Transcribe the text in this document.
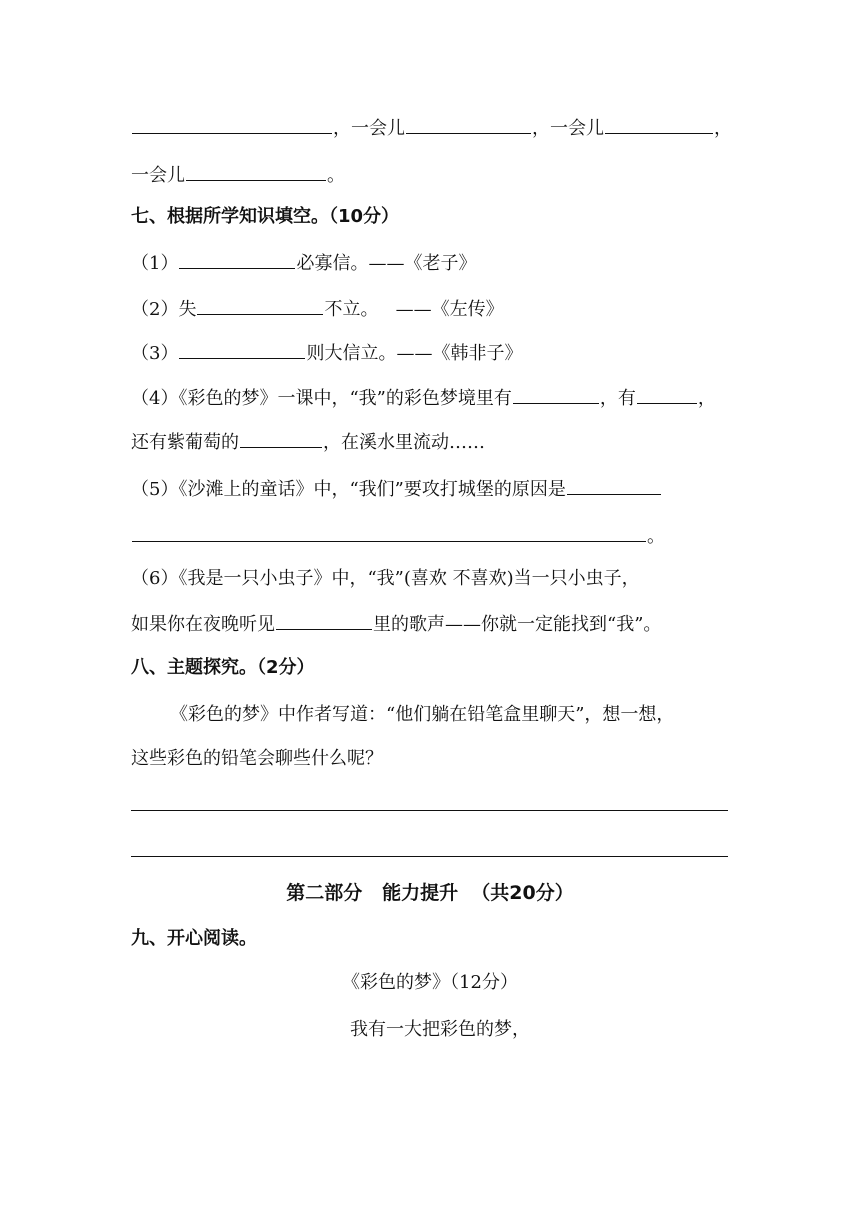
，一会儿	，一会儿	，
一会儿	。
七、根据所学知识填空。（10分）
（1）	必寡信。——《老子》
（2）失	不立。   ——《左传》
（3）	则大信立。——《韩非子》
（4）《彩色的梦》一课中，“我”的彩色梦境里有	，有	，
还有紫葡萄的	，在溪水里流动……
（5）《沙滩上的童话》中，“我们”要攻打城堡的原因是
。
（6）《我是一只小虫子》中，“我”(喜欢 不喜欢)当一只小虫子，
如果你在夜晚听见	里的歌声——你就一定能找到“我”。
八、主题探究。（2分）
《彩色的梦》中作者写道：“他们躺在铅笔盒里聊天”，想一想，
这些彩色的铅笔会聊些什么呢？
第二部分   能力提升  （共20分）
九、开心阅读。
《彩色的梦》（12分）
我有一大把彩色的梦，
